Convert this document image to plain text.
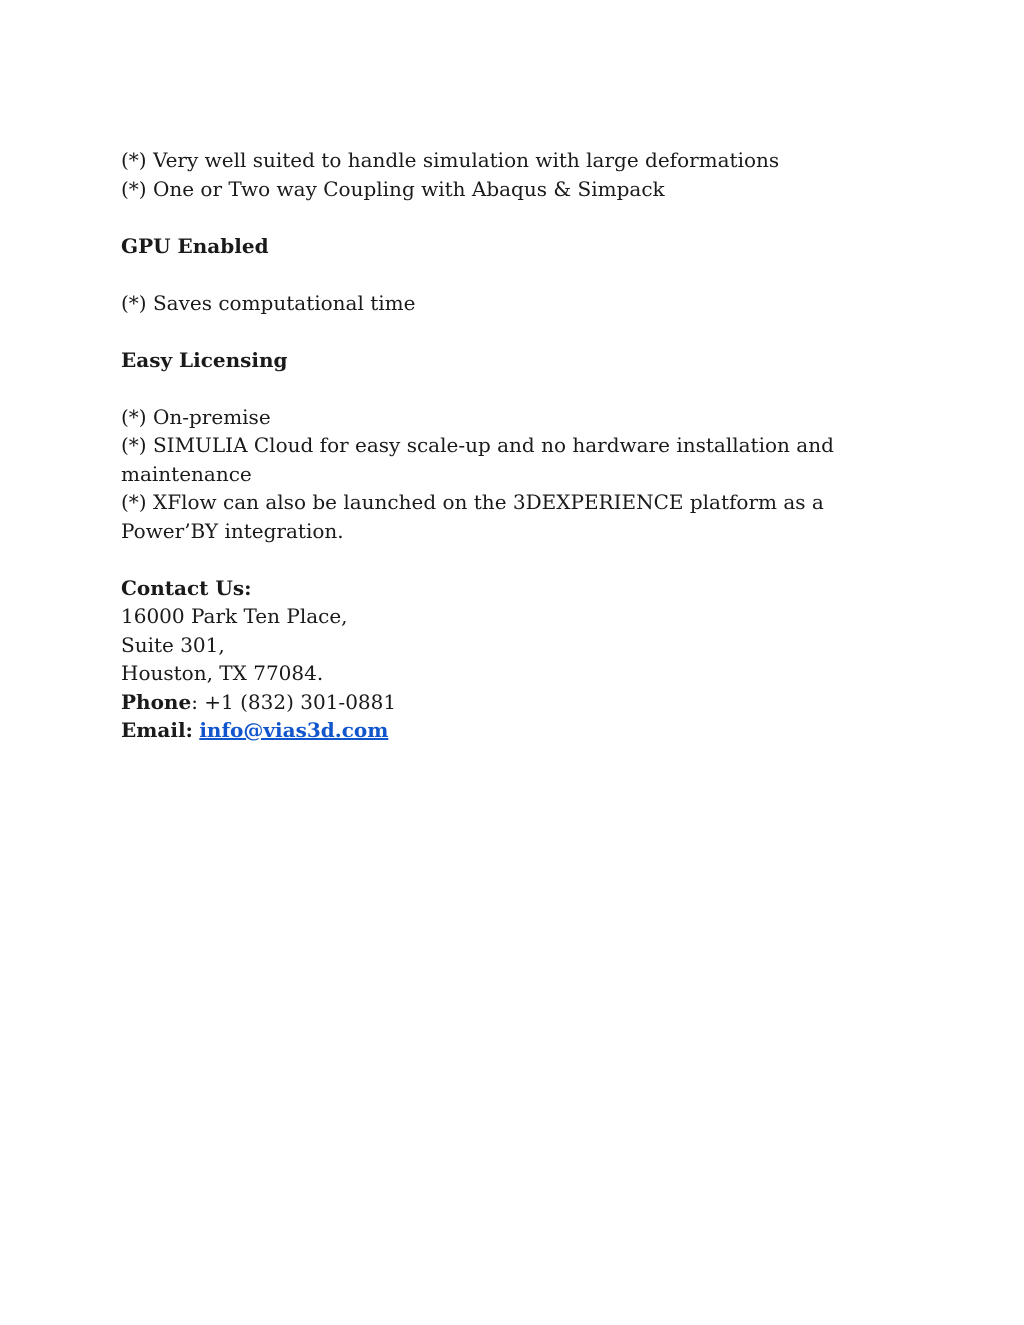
(*) Very well suited to handle simulation with large deformations
(*) One or Two way Coupling with Abaqus & Simpack
GPU Enabled
(*) Saves computational time
Easy Licensing
(*) On-premise
(*) SIMULIA Cloud for easy scale-up and no hardware installation and maintenance
(*) XFlow can also be launched on the 3DEXPERIENCE platform as a Power’BY integration.
Contact Us:
16000 Park Ten Place,
Suite 301,
Houston, TX 77084.
Phone: +1 (832) 301-0881
Email: info@vias3d.com
